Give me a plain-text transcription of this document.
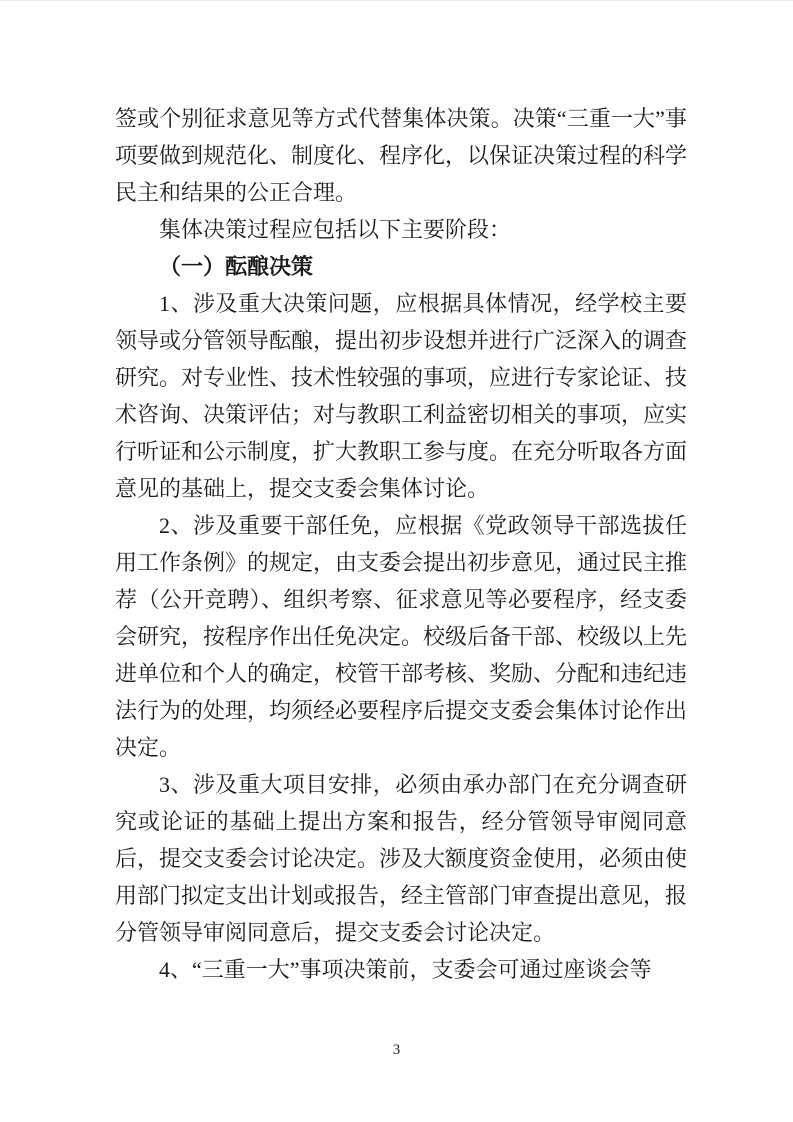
签或个别征求意见等方式代替集体决策。决策“三重一大”事项要做到规范化、制度化、程序化，以保证决策过程的科学民主和结果的公正合理。

集体决策过程应包括以下主要阶段：

（一）酝酿决策

1、涉及重大决策问题，应根据具体情况，经学校主要领导或分管领导酝酿，提出初步设想并进行广泛深入的调查研究。对专业性、技术性较强的事项，应进行专家论证、技术咨询、决策评估；对与教职工利益密切相关的事项，应实行听证和公示制度，扩大教职工参与度。在充分听取各方面意见的基础上，提交支委会集体讨论。

2、涉及重要干部任免，应根据《党政领导干部选拔任用工作条例》的规定，由支委会提出初步意见，通过民主推荐（公开竞聘）、组织考察、征求意见等必要程序，经支委会研究，按程序作出任免决定。校级后备干部、校级以上先进单位和个人的确定，校管干部考核、奖励、分配和违纪违法行为的处理，均须经必要程序后提交支委会集体讨论作出决定。

3、涉及重大项目安排，必须由承办部门在充分调查研究或论证的基础上提出方案和报告，经分管领导审阅同意后，提交支委会讨论决定。涉及大额度资金使用，必须由使用部门拟定支出计划或报告，经主管部门审查提出意见，报分管领导审阅同意后，提交支委会讨论决定。

4、“三重一大”事项决策前，支委会可通过座谈会等

3
